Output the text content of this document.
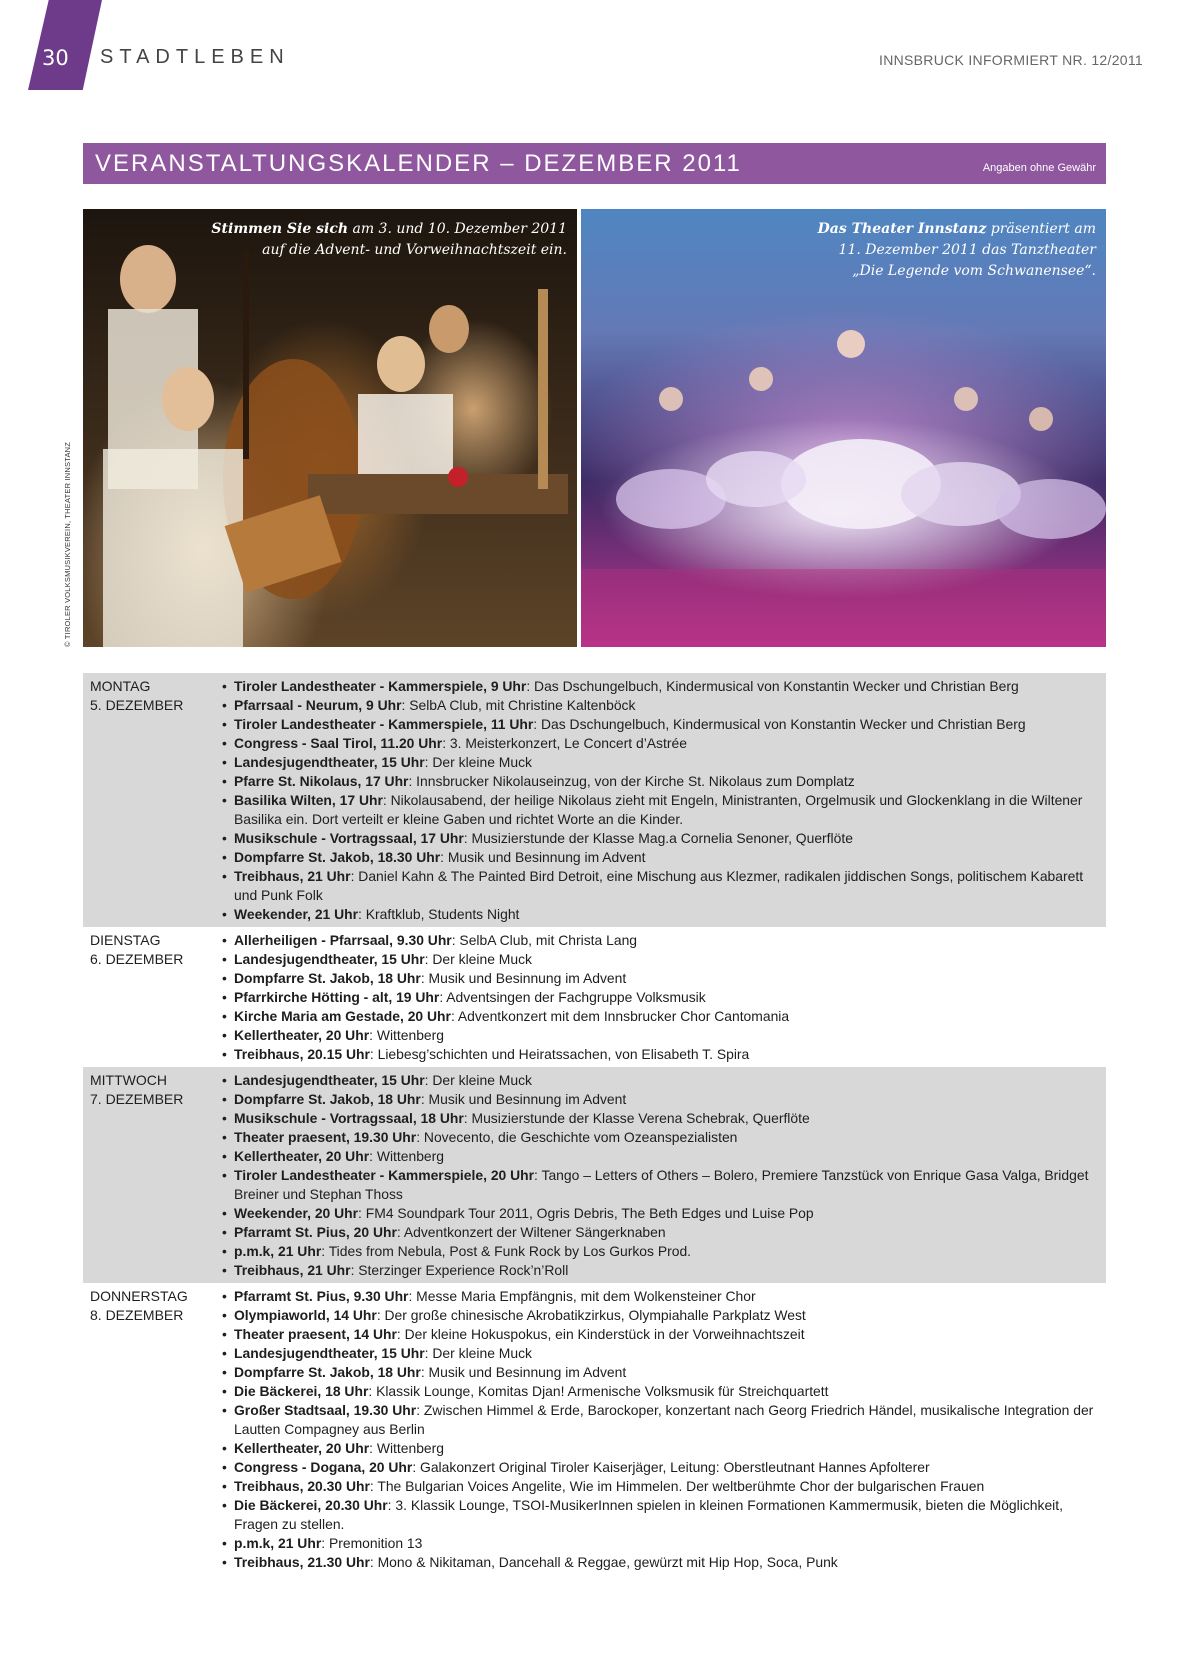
30 STADTLEBEN	INNSBRUCK INFORMIERT NR. 12/2011
VERANSTALTUNGSKALENDER – DEZEMBER 2011	Angaben ohne Gewähr
© TIROLER VOLKSMUSIKVEREIN, THEATER INNSTANZ
Stimmen Sie sich am 3. und 10. Dezember 2011
auf die Advent- und Vorweihnachtszeit ein.
Das Theater Innstanz präsentiert am
11. Dezember 2011 das Tanztheater
„Die Legende vom Schwanensee“.
MONTAG
5. DEZEMBER
• Tiroler Landestheater - Kammerspiele, 9 Uhr: Das Dschungelbuch, Kindermusical von Konstantin Wecker und Christian Berg
• Pfarrsaal - Neurum, 9 Uhr: SelbA Club, mit Christine Kaltenböck
• Tiroler Landestheater - Kammerspiele, 11 Uhr: Das Dschungelbuch, Kindermusical von Konstantin Wecker und Christian Berg
• Congress - Saal Tirol, 11.20 Uhr: 3. Meisterkonzert, Le Concert d’Astrée
• Landesjugendtheater, 15 Uhr: Der kleine Muck
• Pfarre St. Nikolaus, 17 Uhr: Innsbrucker Nikolauseinzug, von der Kirche St. Nikolaus zum Domplatz
• Basilika Wilten, 17 Uhr: Nikolausabend, der heilige Nikolaus zieht mit Engeln, Ministranten, Orgelmusik und Glockenklang in die Wiltener Basilika ein. Dort verteilt er kleine Gaben und richtet Worte an die Kinder.
• Musikschule - Vortragssaal, 17 Uhr: Musizierstunde der Klasse Mag.a Cornelia Senoner, Querflöte
• Dompfarre St. Jakob, 18.30 Uhr: Musik und Besinnung im Advent
• Treibhaus, 21 Uhr: Daniel Kahn & The Painted Bird Detroit, eine Mischung aus Klezmer, radikalen jiddischen Songs, politischem Kabarett und Punk Folk
• Weekender, 21 Uhr: Kraftklub, Students Night
DIENSTAG
6. DEZEMBER
• Allerheiligen - Pfarrsaal, 9.30 Uhr: SelbA Club, mit Christa Lang
• Landesjugendtheater, 15 Uhr: Der kleine Muck
• Dompfarre St. Jakob, 18 Uhr: Musik und Besinnung im Advent
• Pfarrkirche Hötting - alt, 19 Uhr: Adventsingen der Fachgruppe Volksmusik
• Kirche Maria am Gestade, 20 Uhr: Adventkonzert mit dem Innsbrucker Chor Cantomania
• Kellertheater, 20 Uhr: Wittenberg
• Treibhaus, 20.15 Uhr: Liebesg’schichten und Heiratssachen, von Elisabeth T. Spira
MITTWOCH
7. DEZEMBER
• Landesjugendtheater, 15 Uhr: Der kleine Muck
• Dompfarre St. Jakob, 18 Uhr: Musik und Besinnung im Advent
• Musikschule - Vortragssaal, 18 Uhr: Musizierstunde der Klasse Verena Schebrak, Querflöte
• Theater praesent, 19.30 Uhr: Novecento, die Geschichte vom Ozeanspezialisten
• Kellertheater, 20 Uhr: Wittenberg
• Tiroler Landestheater - Kammerspiele, 20 Uhr: Tango – Letters of Others – Bolero, Premiere Tanzstück von Enrique Gasa Valga, Bridget Breiner und Stephan Thoss
• Weekender, 20 Uhr: FM4 Soundpark Tour 2011, Ogris Debris, The Beth Edges und Luise Pop
• Pfarramt St. Pius, 20 Uhr: Adventkonzert der Wiltener Sängerknaben
• p.m.k, 21 Uhr: Tides from Nebula, Post & Funk Rock by Los Gurkos Prod.
• Treibhaus, 21 Uhr: Sterzinger Experience Rock’n’Roll
DONNERSTAG
8. DEZEMBER
• Pfarramt St. Pius, 9.30 Uhr: Messe Maria Empfängnis, mit dem Wolkensteiner Chor
• Olympiaworld, 14 Uhr: Der große chinesische Akrobatikzirkus, Olympiahalle Parkplatz West
• Theater praesent, 14 Uhr: Der kleine Hokuspokus, ein Kinderstück in der Vorweihnachtszeit
• Landesjugendtheater, 15 Uhr: Der kleine Muck
• Dompfarre St. Jakob, 18 Uhr: Musik und Besinnung im Advent
• Die Bäckerei, 18 Uhr: Klassik Lounge, Komitas Djan! Armenische Volksmusik für Streichquartett
• Großer Stadtsaal, 19.30 Uhr: Zwischen Himmel & Erde, Barockoper, konzertant nach Georg Friedrich Händel, musikalische Integration der Lautten Compagney aus Berlin
• Kellertheater, 20 Uhr: Wittenberg
• Congress - Dogana, 20 Uhr: Galakonzert Original Tiroler Kaiserjäger, Leitung: Oberstleutnant Hannes Apfolterer
• Treibhaus, 20.30 Uhr: The Bulgarian Voices Angelite, Wie im Himmelen. Der weltberühmte Chor der bulgarischen Frauen
• Die Bäckerei, 20.30 Uhr: 3. Klassik Lounge, TSOI-MusikerInnen spielen in kleinen Formationen Kammermusik, bieten die Möglichkeit, Fragen zu stellen.
• p.m.k, 21 Uhr: Premonition 13
• Treibhaus, 21.30 Uhr: Mono & Nikitaman, Dancehall & Reggae, gewürzt mit Hip Hop, Soca, Punk
